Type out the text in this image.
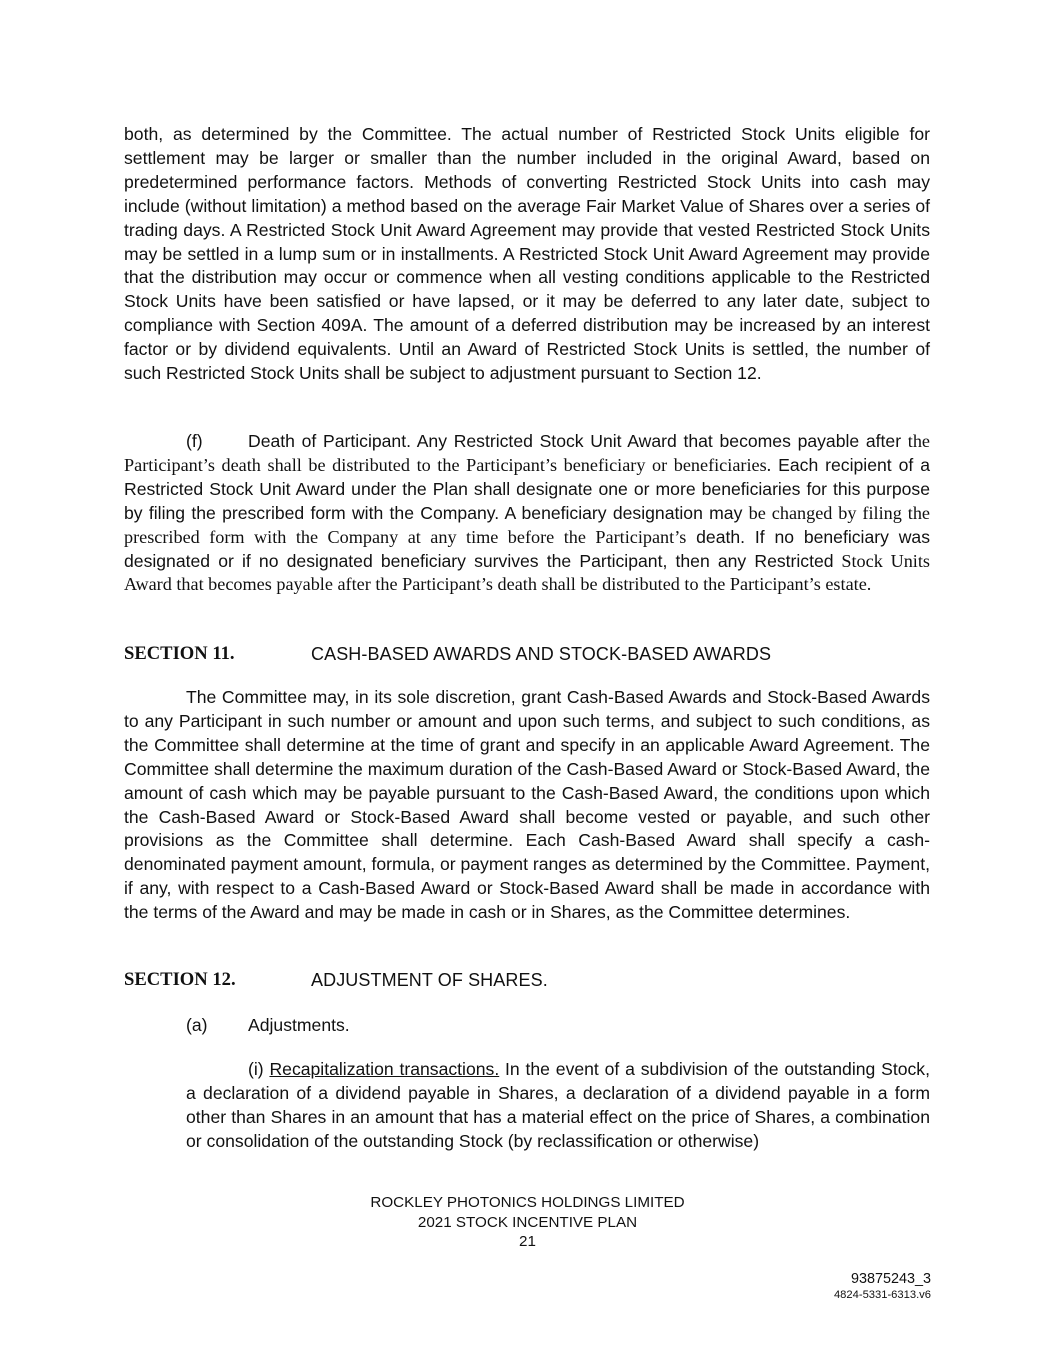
both, as determined by the Committee. The actual number of Restricted Stock Units eligible for settlement may be larger or smaller than the number included in the original Award, based on predetermined performance factors. Methods of converting Restricted Stock Units into cash may include (without limitation) a method based on the average Fair Market Value of Shares over a series of trading days. A Restricted Stock Unit Award Agreement may provide that vested Restricted Stock Units may be settled in a lump sum or in installments. A Restricted Stock Unit Award Agreement may provide that the distribution may occur or commence when all vesting conditions applicable to the Restricted Stock Units have been satisfied or have lapsed, or it may be deferred to any later date, subject to compliance with Section 409A. The amount of a deferred distribution may be increased by an interest factor or by dividend equivalents. Until an Award of Restricted Stock Units is settled, the number of such Restricted Stock Units shall be subject to adjustment pursuant to Section 12.

(f)	Death of Participant. Any Restricted Stock Unit Award that becomes payable after the Participant’s death shall be distributed to the Participant’s beneficiary or beneficiaries. Each recipient of a Restricted Stock Unit Award under the Plan shall designate one or more beneficiaries for this purpose by filing the prescribed form with the Company. A beneficiary designation may be changed by filing the prescribed form with the Company at any time before the Participant’s death. If no beneficiary was designated or if no designated beneficiary survives the Participant, then any Restricted Stock Units Award that becomes payable after the Participant’s death shall be distributed to the Participant’s estate.

SECTION 11.	CASH-BASED AWARDS AND STOCK-BASED AWARDS

The Committee may, in its sole discretion, grant Cash-Based Awards and Stock-Based Awards to any Participant in such number or amount and upon such terms, and subject to such conditions, as the Committee shall determine at the time of grant and specify in an applicable Award Agreement. The Committee shall determine the maximum duration of the Cash-Based Award or Stock-Based Award, the amount of cash which may be payable pursuant to the Cash-Based Award, the conditions upon which the Cash-Based Award or Stock-Based Award shall become vested or payable, and such other provisions as the Committee shall determine. Each Cash-Based Award shall specify a cash-denominated payment amount, formula, or payment ranges as determined by the Committee. Payment, if any, with respect to a Cash-Based Award or Stock-Based Award shall be made in accordance with the terms of the Award and may be made in cash or in Shares, as the Committee determines.

SECTION 12.	ADJUSTMENT OF SHARES.
(a) Adjustments.

(i) Recapitalization transactions. In the event of a subdivision of the outstanding Stock, a declaration of a dividend payable in Shares, a declaration of a dividend payable in a form other than Shares in an amount that has a material effect on the price of Shares, a combination or consolidation of the outstanding Stock (by reclassification or otherwise)

ROCKLEY PHOTONICS HOLDINGS LIMITED
2021 STOCK INCENTIVE PLAN
21
93875243_3
4824-5331-6313.v6
